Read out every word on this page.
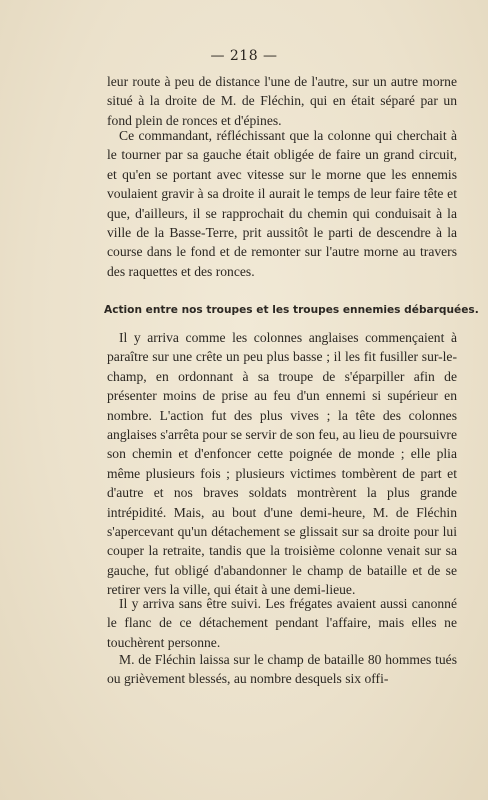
— 218 —

leur route à peu de distance l'une de l'autre, sur un autre morne situé à la droite de M. de Fléchin, qui en était séparé par un fond plein de ronces et d'épines.

Ce commandant, réfléchissant que la colonne qui cherchait à le tourner par sa gauche était obligée de faire un grand circuit, et qu'en se portant avec vitesse sur le morne que les ennemis voulaient gravir à sa droite il aurait le temps de leur faire tête et que, d'ailleurs, il se rapprochait du chemin qui conduisait à la ville de la Basse-Terre, prit aussitôt le parti de descendre à la course dans le fond et de remonter sur l'autre morne au travers des raquettes et des ronces.

Action entre nos troupes et les troupes ennemies débarquées.

Il y arriva comme les colonnes anglaises commençaient à paraître sur une crête un peu plus basse ; il les fit fusiller sur-le-champ, en ordonnant à sa troupe de s'éparpiller afin de présenter moins de prise au feu d'un ennemi si supérieur en nombre. L'action fut des plus vives ; la tête des colonnes anglaises s'arrêta pour se servir de son feu, au lieu de poursuivre son chemin et d'enfoncer cette poignée de monde ; elle plia même plusieurs fois ; plusieurs victimes tombèrent de part et d'autre et nos braves soldats montrèrent la plus grande intrépidité. Mais, au bout d'une demi-heure, M. de Fléchin s'apercevant qu'un détachement se glissait sur sa droite pour lui couper la retraite, tandis que la troisième colonne venait sur sa gauche, fut obligé d'abandonner le champ de bataille et de se retirer vers la ville, qui était à une demi-lieue.

Il y arriva sans être suivi. Les frégates avaient aussi canonné le flanc de ce détachement pendant l'affaire, mais elles ne touchèrent personne.

M. de Fléchin laissa sur le champ de bataille 80 hommes tués ou grièvement blessés, au nombre desquels six offi-
